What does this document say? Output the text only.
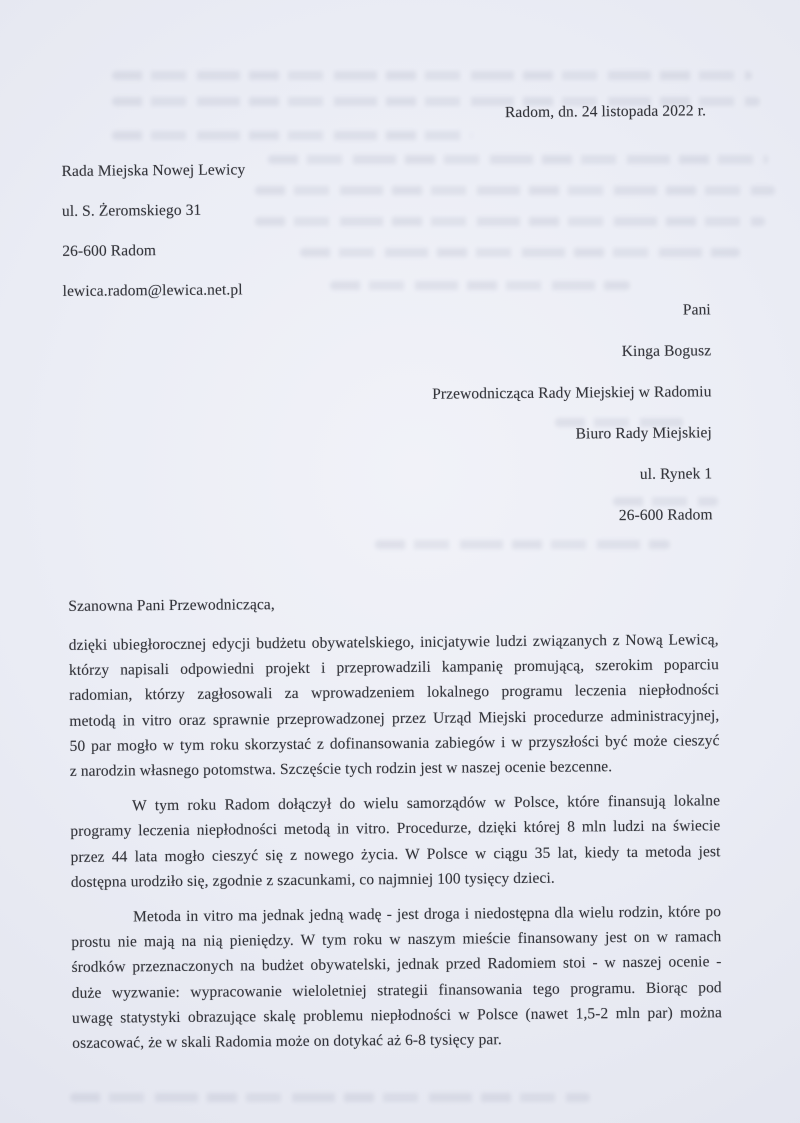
Radom, dn. 24 listopada 2022 r.
Rada Miejska Nowej Lewicy
ul. S. Żeromskiego 31
26-600 Radom
lewica.radom@lewica.net.pl
Pani
Kinga Bogusz
Przewodnicząca Rady Miejskiej w Radomiu
Biuro Rady Miejskiej
ul. Rynek 1
26-600 Radom
Szanowna Pani Przewodnicząca,
dzięki ubiegłorocznej edycji budżetu obywatelskiego, inicjatywie ludzi związanych z Nową Lewicą,
którzy napisali odpowiedni projekt i przeprowadzili kampanię promującą, szerokim poparciu
radomian, którzy zagłosowali za wprowadzeniem lokalnego programu leczenia niepłodności
metodą in vitro oraz sprawnie przeprowadzonej przez Urząd Miejski procedurze administracyjnej,
50 par mogło w tym roku skorzystać z dofinansowania zabiegów i w przyszłości być może cieszyć
z narodzin własnego potomstwa. Szczęście tych rodzin jest w naszej ocenie bezcenne.
W tym roku Radom dołączył do wielu samorządów w Polsce, które finansują lokalne
programy leczenia niepłodności metodą in vitro. Procedurze, dzięki której 8 mln ludzi na świecie
przez 44 lata mogło cieszyć się z nowego życia. W Polsce w ciągu 35 lat, kiedy ta metoda jest
dostępna urodziło się, zgodnie z szacunkami, co najmniej 100 tysięcy dzieci.
Metoda in vitro ma jednak jedną wadę - jest droga i niedostępna dla wielu rodzin, które po
prostu nie mają na nią pieniędzy. W tym roku w naszym mieście finansowany jest on w ramach
środków przeznaczonych na budżet obywatelski, jednak przed Radomiem stoi - w naszej ocenie -
duże wyzwanie: wypracowanie wieloletniej strategii finansowania tego programu. Biorąc pod
uwagę statystyki obrazujące skalę problemu niepłodności w Polsce (nawet 1,5-2 mln par) można
oszacować, że w skali Radomia może on dotykać aż 6-8 tysięcy par.
